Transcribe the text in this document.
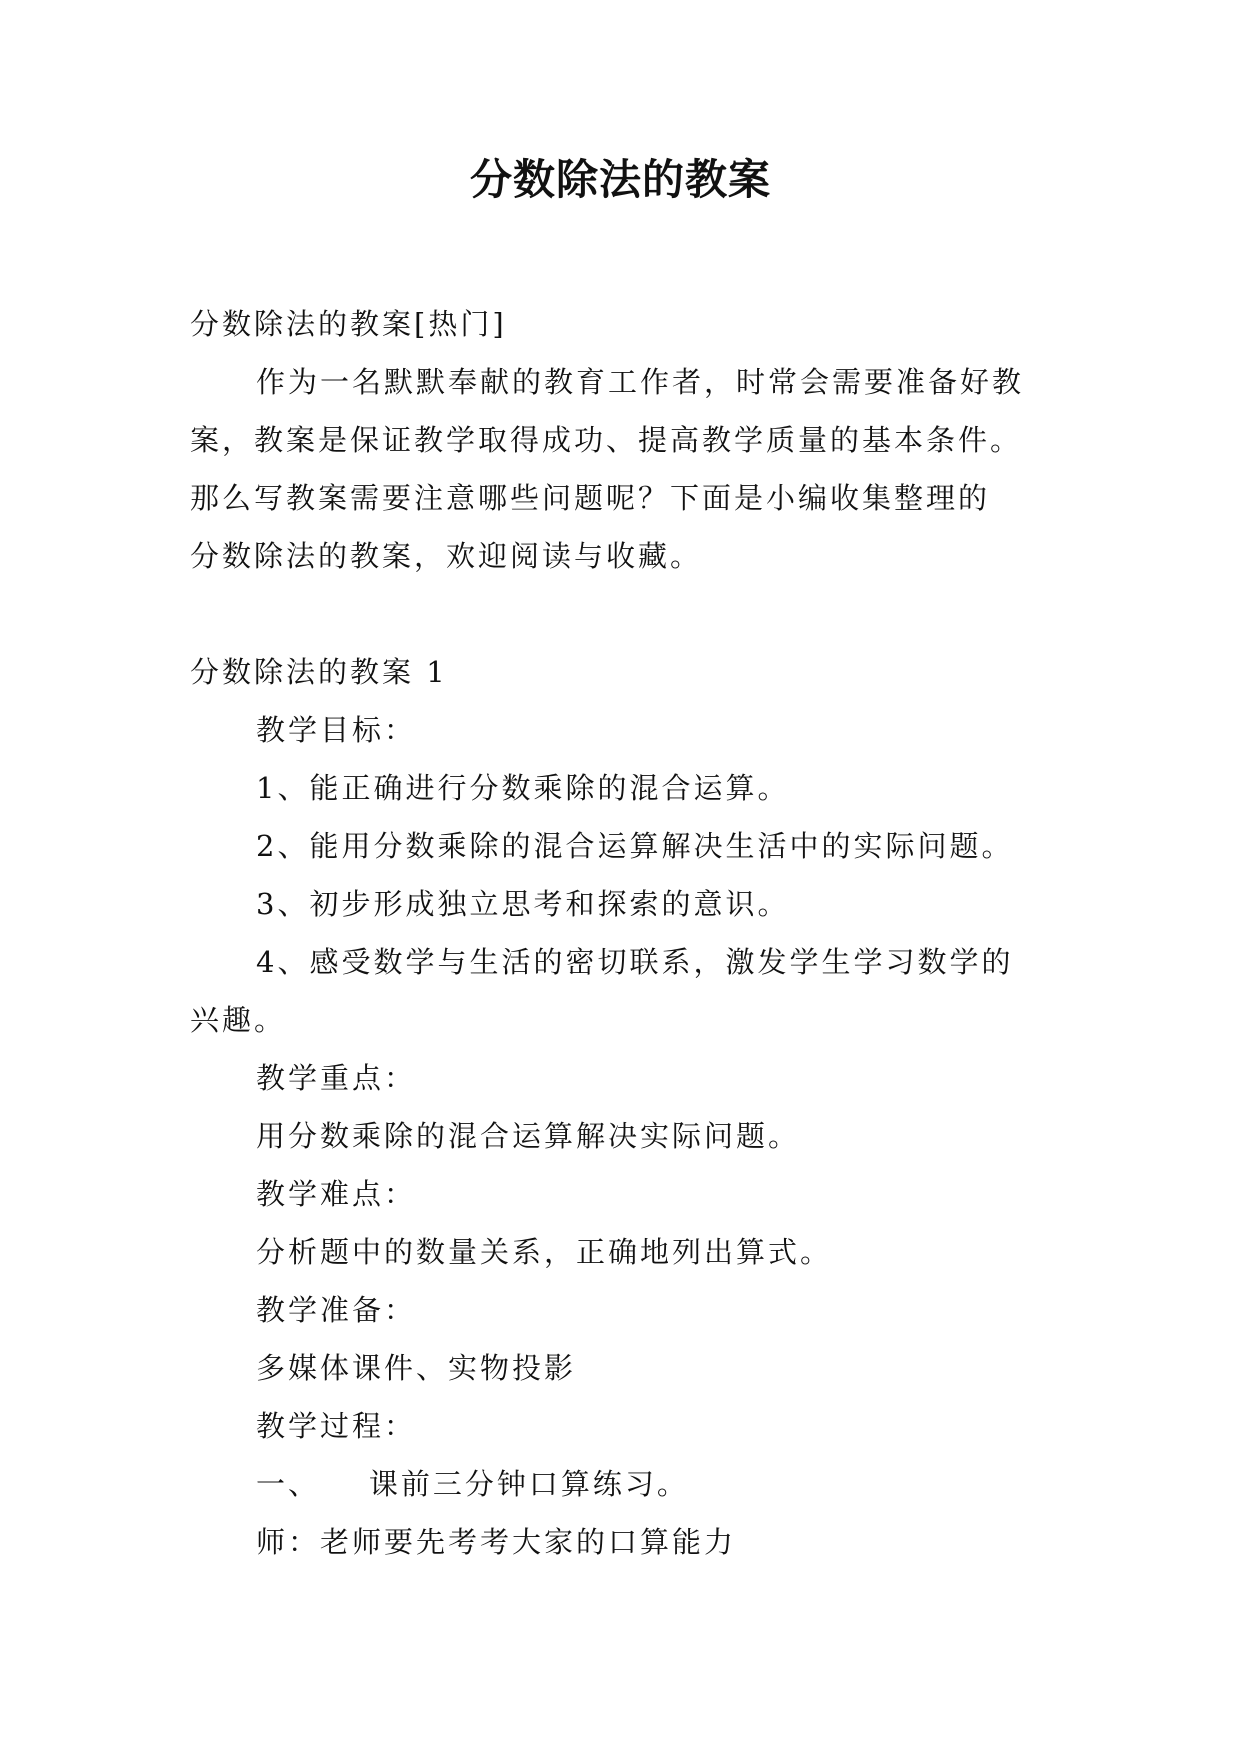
分数除法的教案

分数除法的教案[热门]

作为一名默默奉献的教育工作者，时常会需要准备好教

案，教案是保证教学取得成功、提高教学质量的基本条件。

那么写教案需要注意哪些问题呢？下面是小编收集整理的

分数除法的教案，欢迎阅读与收藏。

分数除法的教案 1

教学目标：

1、能正确进行分数乘除的混合运算。

2、能用分数乘除的混合运算解决生活中的实际问题。

3、初步形成独立思考和探索的意识。

4、感受数学与生活的密切联系，激发学生学习数学的

兴趣。

教学重点：

用分数乘除的混合运算解决实际问题。

教学难点：

分析题中的数量关系，正确地列出算式。

教学准备：

多媒体课件、实物投影

教学过程：

一、    课前三分钟口算练习。

师：老师要先考考大家的口算能力
